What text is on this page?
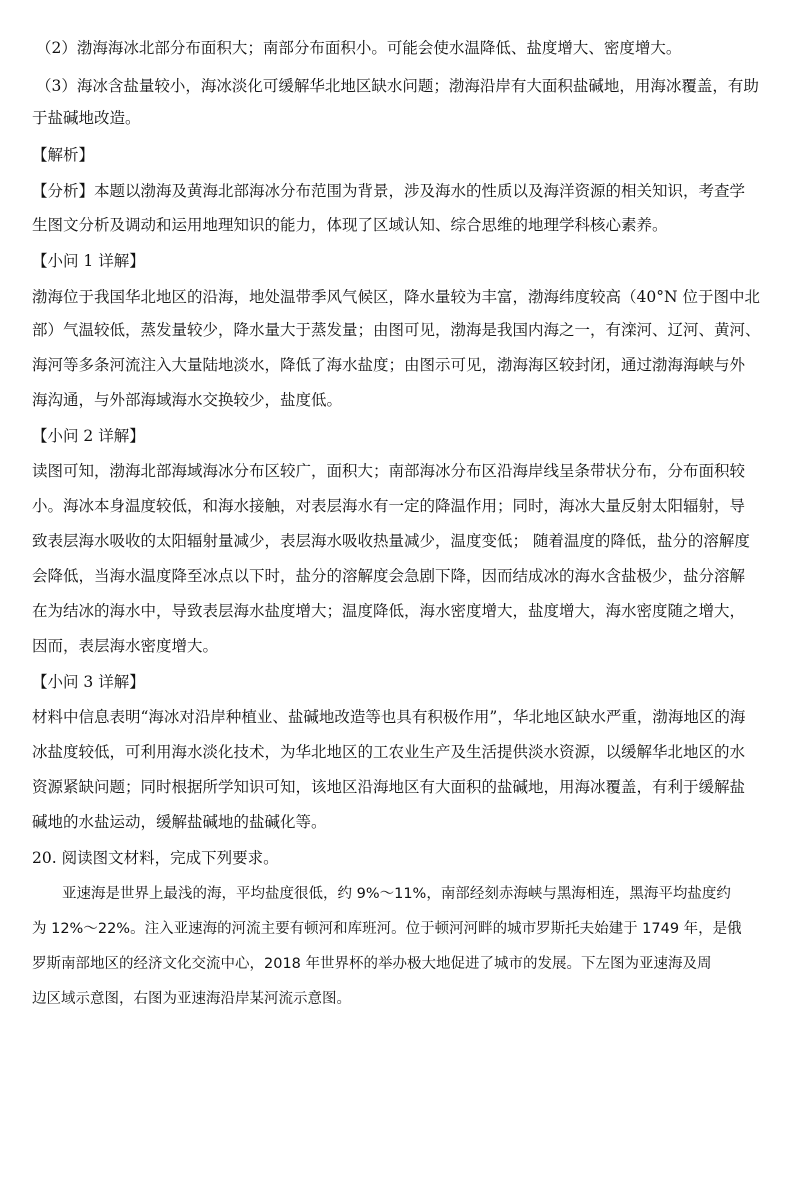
（2）渤海海冰北部分布面积大；南部分布面积小。可能会使水温降低、盐度增大、密度增大。
（3）海冰含盐量较小，海冰淡化可缓解华北地区缺水问题；渤海沿岸有大面积盐碱地，用海冰覆盖，有助
于盐碱地改造。
【解析】
【分析】本题以渤海及黄海北部海冰分布范围为背景，涉及海水的性质以及海洋资源的相关知识，考查学
生图文分析及调动和运用地理知识的能力，体现了区域认知、综合思维的地理学科核心素养。
【小问 1 详解】
渤海位于我国华北地区的沿海，地处温带季风气候区，降水量较为丰富，渤海纬度较高（40°N 位于图中北
部）气温较低，蒸发量较少，降水量大于蒸发量；由图可见，渤海是我国内海之一，有滦河、辽河、黄河、
海河等多条河流注入大量陆地淡水，降低了海水盐度；由图示可见，渤海海区较封闭，通过渤海海峡与外
海沟通，与外部海域海水交换较少，盐度低。
【小问 2 详解】
读图可知，渤海北部海域海冰分布区较广，面积大；南部海冰分布区沿海岸线呈条带状分布，分布面积较
小。海冰本身温度较低，和海水接触，对表层海水有一定的降温作用；同时，海冰大量反射太阳辐射，导
致表层海水吸收的太阳辐射量减少，表层海水吸收热量减少，温度变低； 随着温度的降低，盐分的溶解度
会降低，当海水温度降至冰点以下时，盐分的溶解度会急剧下降，因而结成冰的海水含盐极少，盐分溶解
在为结冰的海水中，导致表层海水盐度增大；温度降低，海水密度增大，盐度增大，海水密度随之增大，
因而，表层海水密度增大。
【小问 3 详解】
材料中信息表明“海冰对沿岸种植业、盐碱地改造等也具有积极作用”，华北地区缺水严重，渤海地区的海
冰盐度较低，可利用海水淡化技术，为华北地区的工农业生产及生活提供淡水资源，以缓解华北地区的水
资源紧缺问题；同时根据所学知识可知，该地区沿海地区有大面积的盐碱地，用海冰覆盖，有利于缓解盐
碱地的水盐运动，缓解盐碱地的盐碱化等。
20. 阅读图文材料，完成下列要求。
亚速海是世界上最浅的海，平均盐度很低，约 9%～11%，南部经刻赤海峡与黑海相连，黑海平均盐度约
为 12%～22%。注入亚速海的河流主要有顿河和库班河。位于顿河河畔的城市罗斯托夫始建于 1749 年，是俄
罗斯南部地区的经济文化交流中心，2018 年世界杯的举办极大地促进了城市的发展。下左图为亚速海及周
边区域示意图，右图为亚速海沿岸某河流示意图。
